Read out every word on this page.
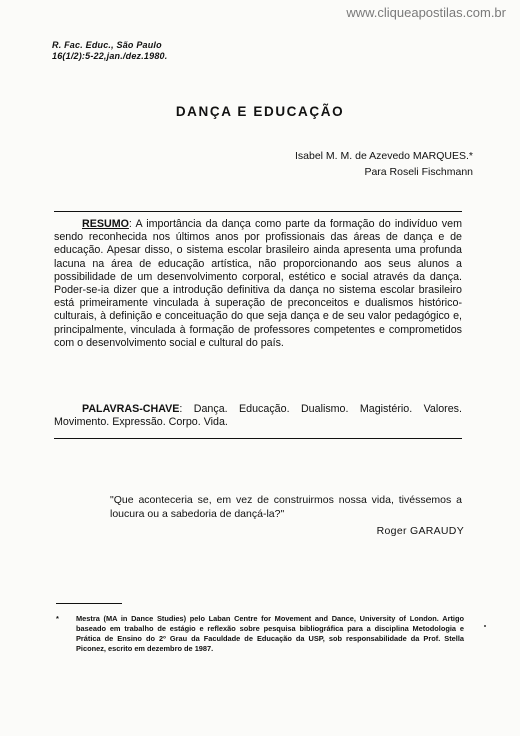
www.cliqueapostilas.com.br
R. Fac. Educ., São Paulo
16(1/2):5-22,jan./dez.1980.
DANÇA E EDUCAÇÃO
Isabel M. M. de Azevedo MARQUES.*
Para Roseli Fischmann

RESUMO: A importância da dança como parte da formação do indivíduo vem sendo reconhecida nos últimos anos por profissionais das áreas de dança e de educação. Apesar disso, o sistema escolar brasileiro ainda apresenta uma profunda lacuna na área de educação artística, não proporcionando aos seus alunos a possibilidade de um desenvolvimento corporal, estético e social através da dança. Poder-se-ia dizer que a introdução definitiva da dança no sistema escolar brasileiro está primeiramente vinculada à superação de preconceitos e dualismos histórico-culturais, à definição e conceituação do que seja dança e de seu valor pedagógico e, principalmente, vinculada à formação de professores competentes e comprometidos com o desenvolvimento social e cultural do país.

PALAVRAS-CHAVE: Dança. Educação. Dualismo. Magistério. Valores. Movimento. Expressão. Corpo. Vida.

"Que aconteceria se, em vez de construirmos nossa vida, tivéssemos a loucura ou a sabedoria de dançá-la?"

Roger GARAUDY
* Mestra (MA in Dance Studies) pelo Laban Centre for Movement and Dance, University of London. Artigo baseado em trabalho de estágio e reflexão sobre pesquisa bibliográfica para a disciplina Metodologia e Prática de Ensino do 2º Grau da Faculdade de Educação da USP, sob responsabilidade da Prof. Stella Piconez, escrito em dezembro de 1987.
